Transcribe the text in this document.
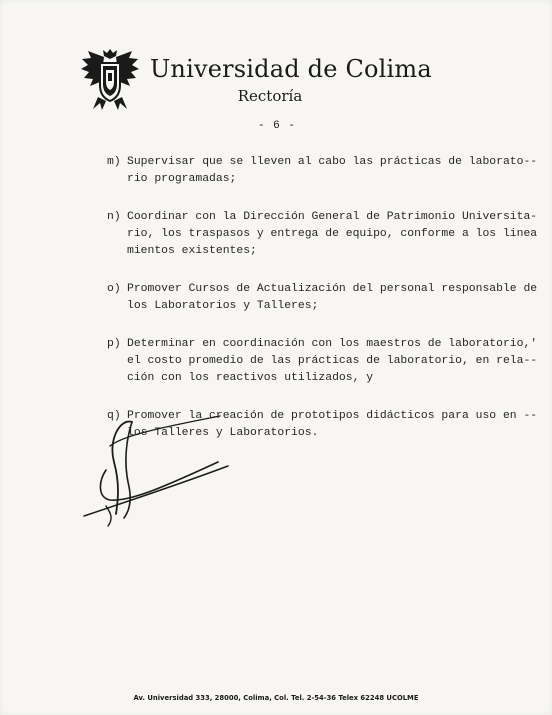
Universidad de Colima
Rectoría
- 6 -
m) Supervisar que se lleven al cabo las prácticas de laborato--
rio programadas;
n) Coordinar con la Dirección General de Patrimonio Universita-
rio, los traspasos y entrega de equipo, conforme a los linea
mientos existentes;
o) Promover Cursos de Actualización del personal responsable de
los Laboratorios y Talleres;
p) Determinar en coordinación con los maestros de laboratorio,'
el costo promedio de las prácticas de laboratorio, en rela--
ción con los reactivos utilizados, y
q) Promover la creación de prototipos didácticos para uso en --
los Talleres y Laboratorios.
Av. Universidad 333, 28000, Colima, Col. Tel. 2-54-36 Telex 62248 UCOLME
